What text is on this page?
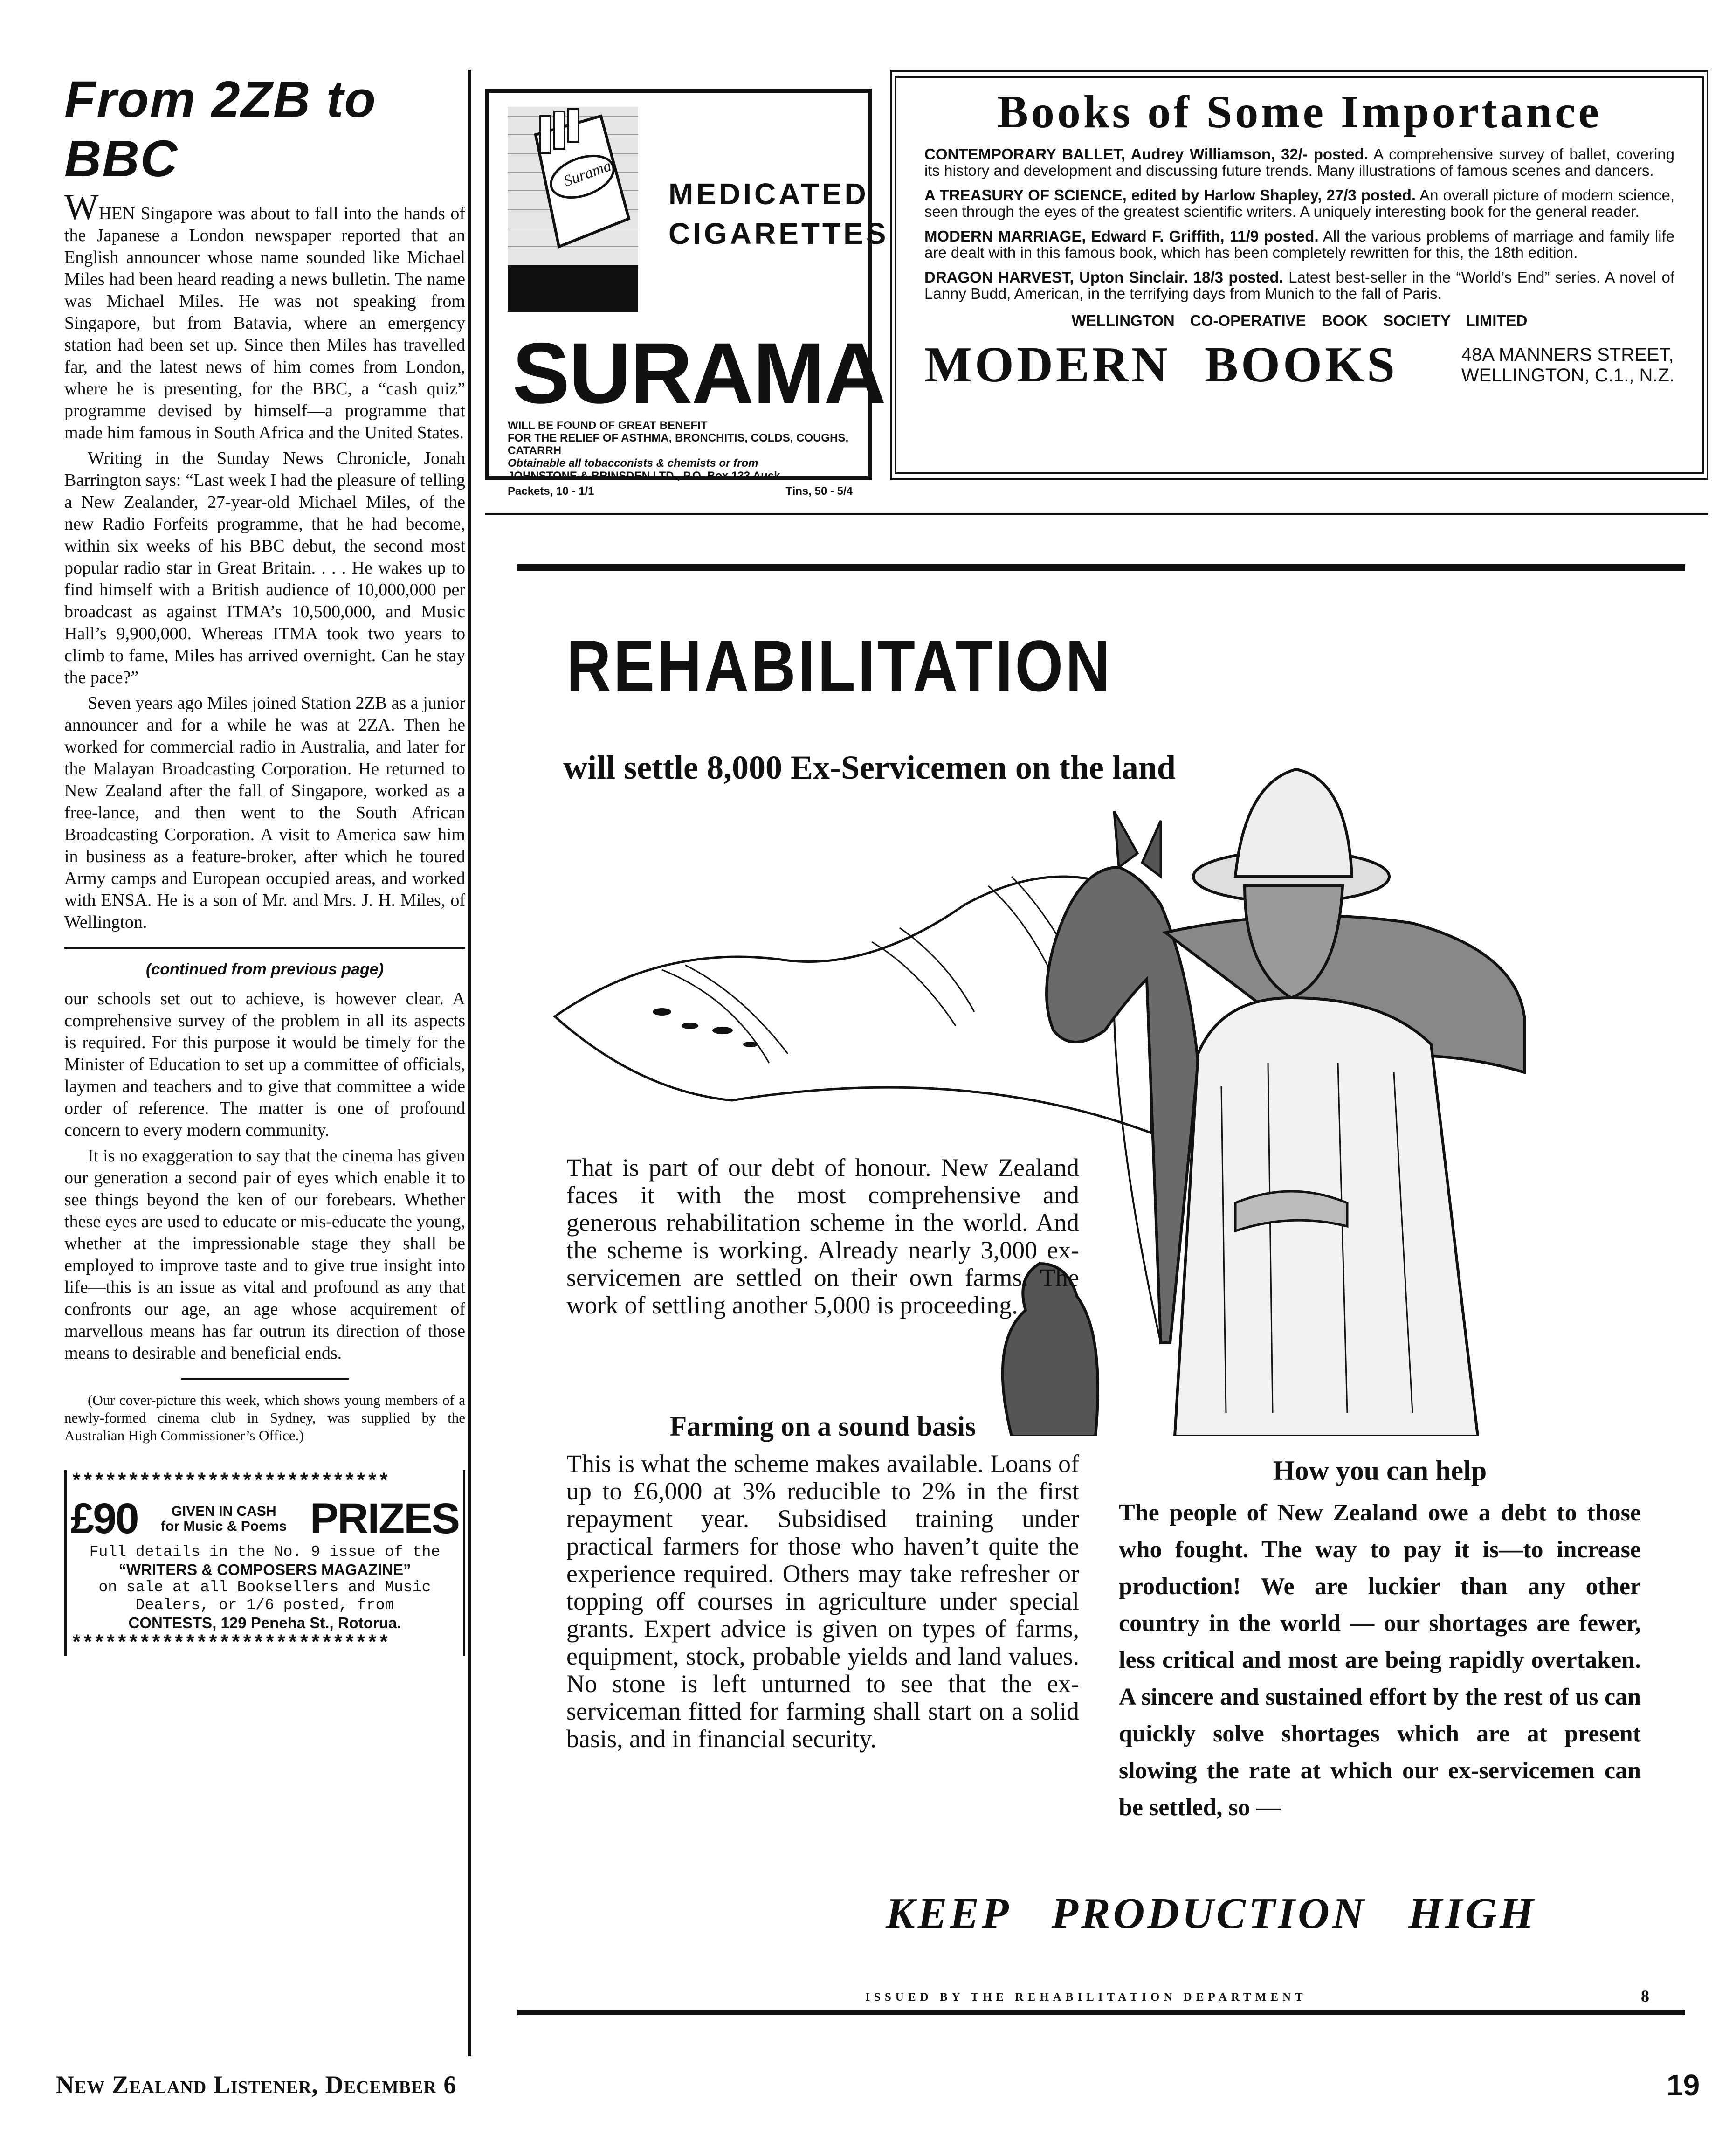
From 2ZB to BBC

WHEN Singapore was about to fall into the hands of the Japanese a London newspaper reported that an English announcer whose name sounded like Michael Miles had been heard reading a news bulletin. The name was Michael Miles. He was not speaking from Singapore, but from Batavia, where an emergency station had been set up. Since then Miles has travelled far, and the latest news of him comes from London, where he is presenting, for the BBC, a “cash quiz” programme devised by himself—a programme that made him famous in South Africa and the United States.

Writing in the Sunday News Chronicle, Jonah Barrington says: “Last week I had the pleasure of telling a New Zealander, 27-year-old Michael Miles, of the new Radio Forfeits programme, that he had become, within six weeks of his BBC debut, the second most popular radio star in Great Britain. . . . He wakes up to find himself with a British audience of 10,000,000 per broadcast as against ITMA’s 10,500,000, and Music Hall’s 9,900,000. Whereas ITMA took two years to climb to fame, Miles has arrived overnight. Can he stay the pace?”

Seven years ago Miles joined Station 2ZB as a junior announcer and for a while he was at 2ZA. Then he worked for commercial radio in Australia, and later for the Malayan Broadcasting Corporation. He returned to New Zealand after the fall of Singapore, worked as a free-lance, and then went to the South African Broadcasting Corporation. A visit to America saw him in business as a feature-broker, after which he toured Army camps and European occupied areas, and worked with ENSA. He is a son of Mr. and Mrs. J. H. Miles, of Wellington.

(continued from previous page)

our schools set out to achieve, is however clear. A comprehensive survey of the problem in all its aspects is required. For this purpose it would be timely for the Minister of Education to set up a committee of officials, laymen and teachers and to give that committee a wide order of reference. The matter is one of profound concern to every modern community.

It is no exaggeration to say that the cinema has given our generation a second pair of eyes which enable it to see things beyond the ken of our forebears. Whether these eyes are used to educate or mis-educate the young, whether at the impressionable stage they shall be employed to improve taste and to give true insight into life—this is an issue as vital and profound as any that confronts our age, an age whose acquirement of marvellous means has far outrun its direction of those means to desirable and beneficial ends.

(Our cover-picture this week, which shows young members of a newly-formed cinema club in Sydney, was supplied by the Australian High Commissioner’s Office.)

****************************
£90	GIVEN IN CASH
for Music & Poems PRIZES
Full details in the No. 9 issue of the
“WRITERS & COMPOSERS MAGAZINE”
on sale at all Booksellers and Music
Dealers, or 1/6 posted, from
CONTESTS, 129 Peneha St., Rotorua.
****************************
Surama
MEDICATED
CIGARETTES
SURAMA
WILL BE FOUND OF GREAT BENEFIT
FOR THE RELIEF OF ASTHMA, BRONCHITIS, COLDS, COUGHS, CATARRH
Obtainable all tobacconists & chemists or from
JOHNSTONE & BRINSDEN LTD., P.O. Box 133 Auck.
Packets, 10 - 1/1	Tins, 50 - 5/4
Books of Some Importance
CONTEMPORARY BALLET, Audrey Williamson, 32/- posted. A comprehensive survey of ballet, covering its history and development and discussing future trends. Many illustrations of famous scenes and dancers.
A TREASURY OF SCIENCE, edited by Harlow Shapley, 27/3 posted. An overall picture of modern science, seen through the eyes of the greatest scientific writers. A uniquely interesting book for the general reader.
MODERN MARRIAGE, Edward F. Griffith, 11/9 posted. All the various problems of marriage and family life are dealt with in this famous book, which has been completely rewritten for this, the 18th edition.
DRAGON HARVEST, Upton Sinclair. 18/3 posted. Latest best-seller in the “World’s End” series. A novel of Lanny Budd, American, in the terrifying days from Munich to the fall of Paris.
WELLINGTON CO-OPERATIVE BOOK SOCIETY LIMITED
MODERN BOOKS	48A MANNERS STREET,
WELLINGTON, C.1., N.Z.
REHABILITATION
will settle 8,000 Ex-Servicemen on the land

That is part of our debt of honour. New Zealand faces it with the most comprehensive and generous rehabilitation scheme in the world. And the scheme is working. Already nearly 3,000 ex-servicemen are settled on their own farms. The work of settling another 5,000 is proceeding.

Farming on a sound basis

This is what the scheme makes available. Loans of up to £6,000 at 3% reducible to 2% in the first repayment year. Subsidised training under practical farmers for those who haven’t quite the experience required. Others may take refresher or topping off courses in agriculture under special grants. Expert advice is given on types of farms, equipment, stock, probable yields and land values. No stone is left unturned to see that the ex-serviceman fitted for farming shall start on a solid basis, and in financial security.

How you can help

The people of New Zealand owe a debt to those who fought. The way to pay it is—to increase production! We are luckier than any other country in the world — our shortages are fewer, less critical and most are being rapidly overtaken. A sincere and sustained effort by the rest of us can quickly solve shortages which are at present slowing the rate at which our ex-servicemen can be settled, so —

KEEP PRODUCTION HIGH
ISSUED BY THE REHABILITATION DEPARTMENT	8
New Zealand Listener, December 6	19
